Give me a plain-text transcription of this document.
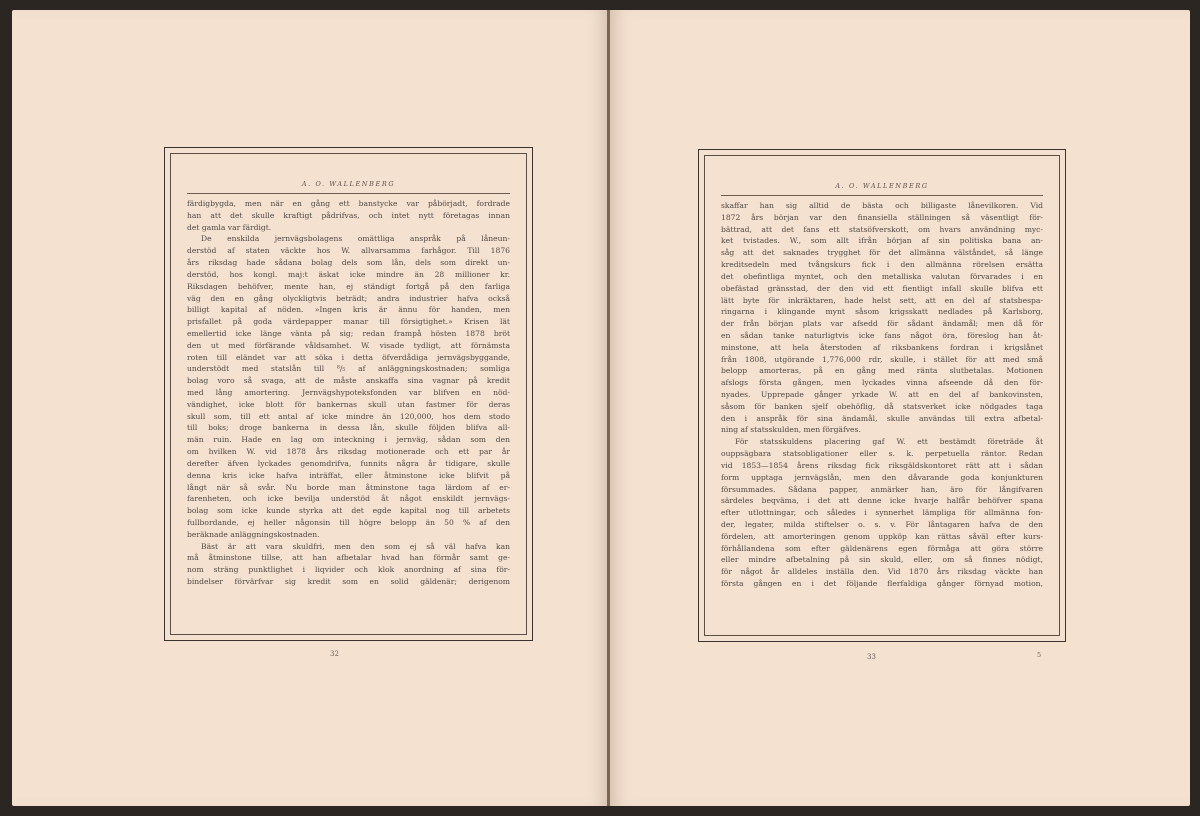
A. O. WALLENBERG
färdigbygda, men när en gång ett banstycke var påbörjadt, fordrade
han att det skulle kraftigt pådrifvas, och intet nytt företagas innan
det gamla var färdigt.
De enskilda jernvägsbolagens omättliga anspråk på låneun-
derstöd af staten väckte hos W. allvarsamma farhågor. Till 1876
års riksdag hade sådana bolag dels som lån, dels som direkt un-
derstöd, hos kongl. maj:t äskat icke mindre än 28 millioner kr.
Riksdagen behöfver, mente han, ej ständigt fortgå på den farliga
väg den en gång olyckligtvis beträdt; andra industrier hafva också
billigt kapital af nöden. »Ingen kris är ännu för handen, men
prisfallet på goda värdepapper manar till försigtighet.» Krisen lät
emellertid icke länge vänta på sig; redan frampå hösten 1878 bröt
den ut med förfärande våldsamhet. W. visade tydligt, att förnämsta
roten till eländet var att söka i detta öfverdådiga jernvägsbyggande,
understödt med statslån till ⁸/₅ af anläggningskostnaden; somliga
bolag voro så svaga, att de måste anskaffa sina vagnar på kredit
med lång amortering. Jernvägshypoteksfonden var blifven en nöd-
vändighet, icke blott för bankernas skull utan fastmer för deras
skull som, till ett antal af icke mindre än 120,000, hos dem stodo
till boks; droge bankerna in dessa lån, skulle följden blifva all-
män ruin. Hade en lag om inteckning i jernväg, sådan som den
om hvilken W. vid 1878 års riksdag motionerade och ett par år
derefter äfven lyckades genomdrifva, funnits några år tidigare, skulle
denna kris icke hafva inträffat, eller åtminstone icke blifvit på
långt när så svår. Nu borde man åtminstone taga lärdom af er-
farenheten, och icke bevilja understöd åt något enskildt jernvägs-
bolag som icke kunde styrka att det egde kapital nog till arbetets
fullbordande, ej heller någonsin till högre belopp än 50 % af den
beräknade anläggningskostnaden.
Bäst är att vara skuldfri, men den som ej så väl hafva kan
må åtminstone tillse, att han afbetalar hvad han förmår samt ge-
nom sträng punktlighet i liqvider och klok anordning af sina för-
bindelser förvärfvar sig kredit som en solid gäldenär; derigenom
32
A. O. WALLENBERG
skaffar han sig alltid de bästa och billigaste lånevilkoren. Vid
1872 års början var den finansiella ställningen så väsentligt för-
bättrad, att det fans ett statsöfverskott, om hvars användning myc-
ket tvistades. W., som allt ifrån början af sin politiska bana an-
såg att det saknades trygghet för det allmänna välståndet, så länge
kreditsedeln med tvångskurs fick i den allmänna rörelsen ersätta
det obefintliga myntet, och den metalliska valutan förvarades i en
obefästad gränsstad, der den vid ett fientligt infall skulle blifva ett
lätt byte för inkräktaren, hade helst sett, att en del af statsbespa-
ringarna i klingande mynt såsom krigsskatt nedlades på Karlsborg,
der från början plats var afsedd för sådant ändamål; men då för
en sådan tanke naturligtvis icke fans något öra, föreslog han åt-
minstone, att hela återstoden af riksbankens fordran i krigslånet
från 1808, utgörande 1,776,000 rdr, skulle, i stället för att med små
belopp amorteras, på en gång med ränta slutbetalas. Motionen
afslogs första gången, men lyckades vinna afseende då den för-
nyades. Upprepade gånger yrkade W. att en del af bankovinsten,
såsom för banken sjelf obehöflig, då statsverket icke nödgades taga
den i anspråk för sina ändamål, skulle användas till extra afbetal-
ning af statsskulden, men förgäfves.
För statsskuldens placering gaf W. ett bestämdt företräde åt
ouppsägbara statsobligationer eller s. k. perpetuella räntor. Redan
vid 1853—1854 årens riksdag fick riksgäldskontoret rätt att i sådan
form upptaga jernvägslån, men den dåvarande goda konjunkturen
försummades. Sådana papper, anmärker han, äro för långifvaren
särdeles beqväma, i det att denne icke hvarje halfår behöfver spana
efter utlottningar, och således i synnerhet lämpliga för allmänna fon-
der, legater, milda stiftelser o. s. v. För låntagaren hafva de den
fördelen, att amorteringen genom uppköp kan rättas såväl efter kurs-
förhållandena som efter gäldenärens egen förmåga att göra större
eller mindre afbetalning på sin skuld, eller, om så finnes nödigt,
för något år alldeles inställa den. Vid 1870 års riksdag väckte han
första gången en i det följande flerfaldiga gånger förnyad motion,
33	5
